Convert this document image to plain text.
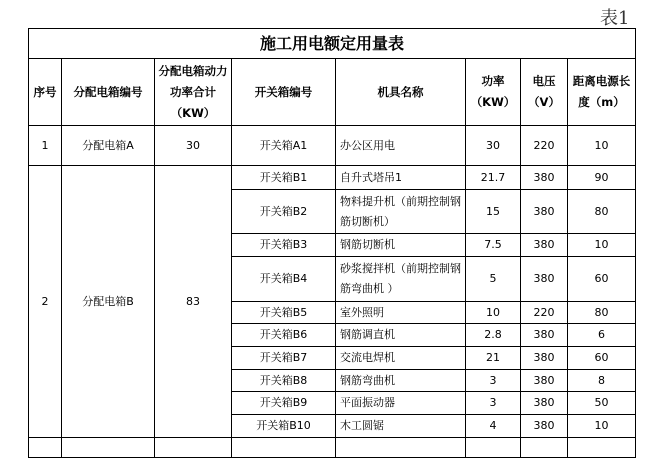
表1
施工用电额定用量表							
序号	分配电箱编号	分配电箱动力功率合计（KW）	开关箱编号	机具名称	功率（KW）	电压（V）	距离电源长度（m）
1	分配电箱A	30	开关箱A1	办公区用电	30	220	10
2	分配电箱B	83	开关箱B1	自升式塔吊1	21.7	380	90
			开关箱B2	物料提升机（前期控制钢筋切断机）	15	380	80
			开关箱B3	钢筋切断机	7.5	380	10
			开关箱B4	砂浆搅拌机（前期控制钢筋弯曲机 ）	5	380	60
			开关箱B5	室外照明	10	220	80
			开关箱B6	钢筋调直机	2.8	380	6
			开关箱B7	交流电焊机	21	380	60
			开关箱B8	钢筋弯曲机	3	380	8
			开关箱B9	平面振动器	3	380	50
			开关箱B10	木工圆锯	4	380	10
